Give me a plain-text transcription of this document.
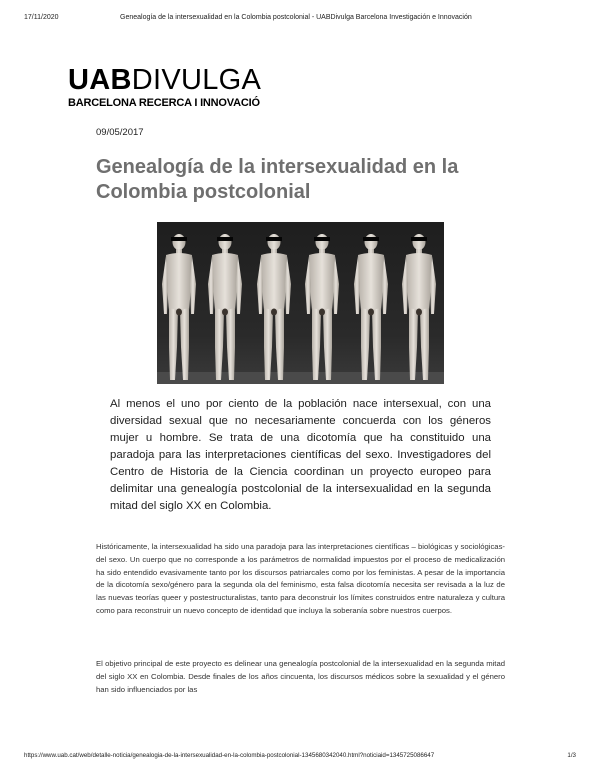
17/11/2020	Genealogía de la intersexualidad en la Colombia postcolonial - UABDivulga Barcelona Investigación e Innovación
UABDIVULGA
BARCELONA RECERCA I INNOVACIÓ
09/05/2017
Genealogía de la intersexualidad en la Colombia postcolonial

Al menos el uno por ciento de la población nace intersexual, con una diversidad sexual que no necesariamente concuerda con los géneros mujer u hombre. Se trata de una dicotomía que ha constituido una paradoja para las interpretaciones científicas del sexo. Investigadores del Centro de Historia de la Ciencia coordinan un proyecto europeo para delimitar una genealogía postcolonial de la intersexualidad en la segunda mitad del siglo XX en Colombia.

Históricamente, la intersexualidad ha sido una paradoja para las interpretaciones científicas – biológicas y sociológicas- del sexo. Un cuerpo que no corresponde a los parámetros de normalidad impuestos por el proceso de medicalización ha sido entendido evasivamente tanto por los discursos patriarcales como por los feministas. A pesar de la importancia de la dicotomía sexo/género para la segunda ola del feminismo, esta falsa dicotomía necesita ser revisada a la luz de las nuevas teorías queer y postestructuralistas, tanto para deconstruir los límites construidos entre naturaleza y cultura como para reconstruir un nuevo concepto de identidad que incluya la soberanía sobre nuestros cuerpos.

El objetivo principal de este proyecto es delinear una genealogía postcolonial de la intersexualidad en la segunda mitad del siglo XX en Colombia. Desde finales de los años cincuenta, los discursos médicos sobre la sexualidad y el género han sido influenciados por las

https://www.uab.cat/web/detalle-noticia/genealogia-de-la-intersexualidad-en-la-colombia-postcolonial-1345680342040.html?noticiaid=1345725086647	1/3
